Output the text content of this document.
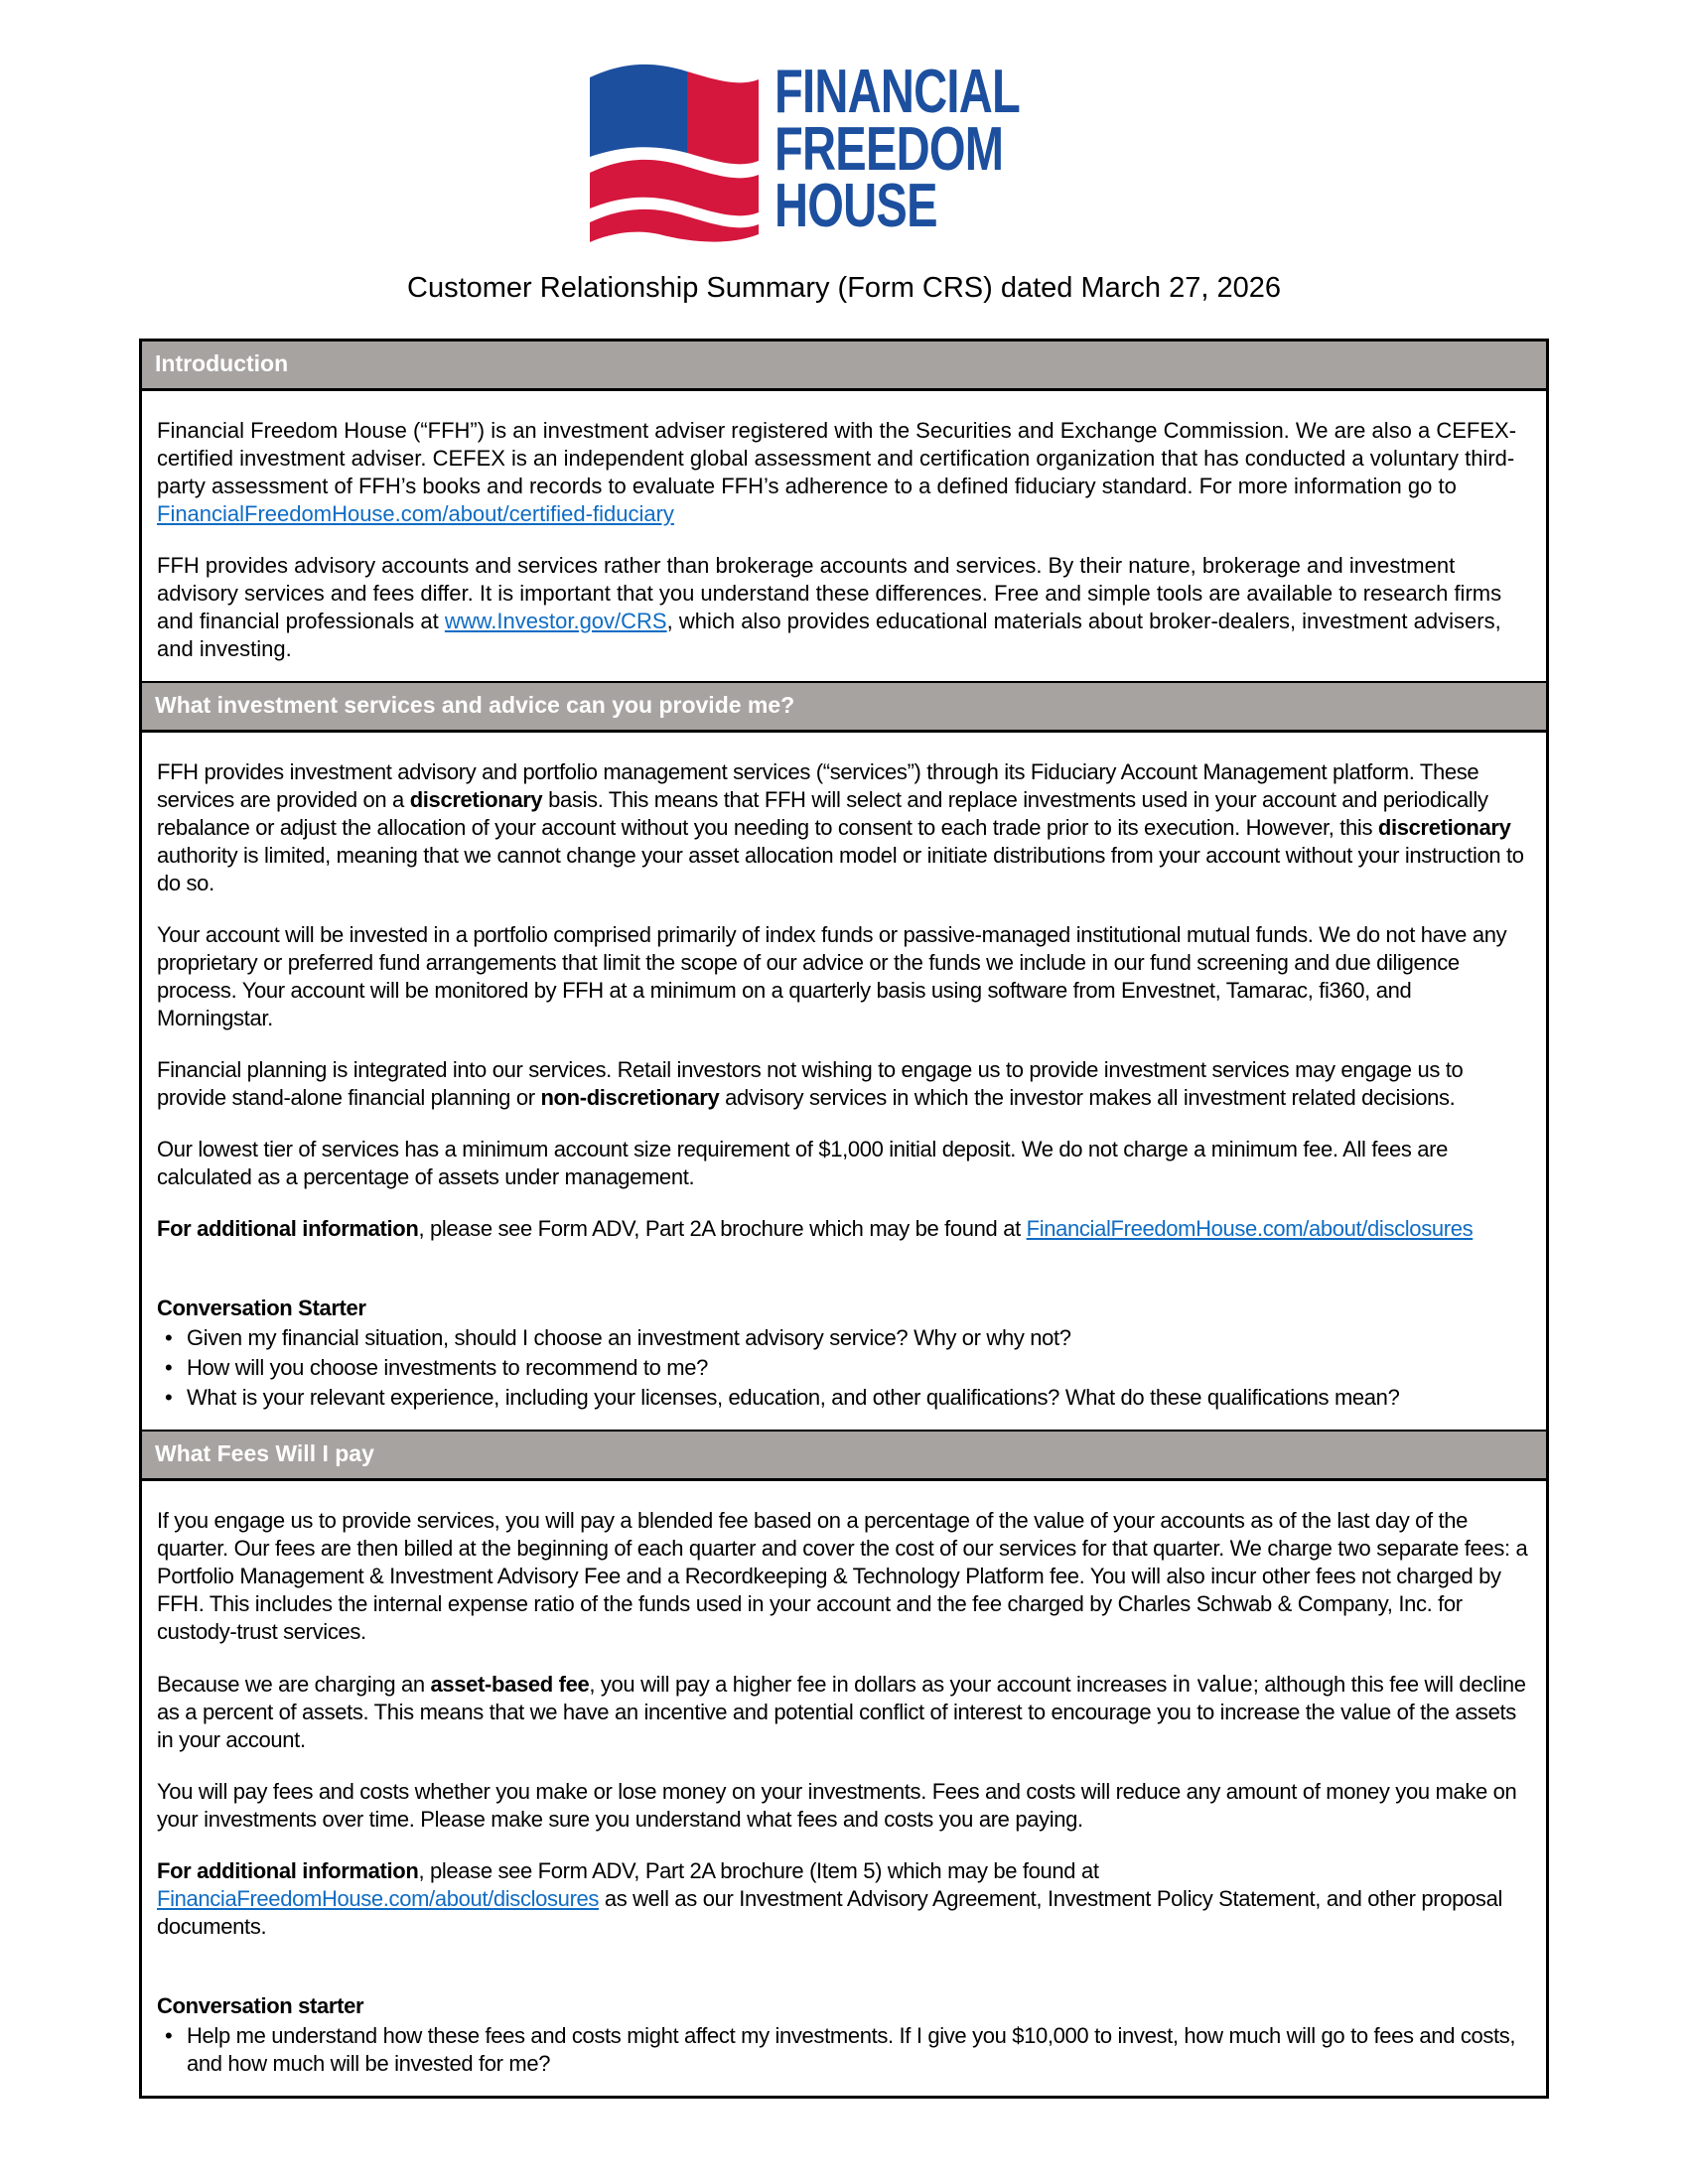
FINANCIAL
FREEDOM
HOUSE
Customer Relationship Summary (Form CRS) dated March 27, 2026
Introduction

Financial Freedom House (“FFH”) is an investment adviser registered with the Securities and Exchange Commission. We are also a CEFEX-certified investment adviser. CEFEX is an independent global assessment and certification organization that has conducted a voluntary third-party assessment of FFH’s books and records to evaluate FFH’s adherence to a defined fiduciary standard. For more information go to FinancialFreedomHouse.com/about/certified-fiduciary

FFH provides advisory accounts and services rather than brokerage accounts and services. By their nature, brokerage and investment advisory services and fees differ. It is important that you understand these differences. Free and simple tools are available to research firms and financial professionals at www.Investor.gov/CRS, which also provides educational materials about broker-dealers, investment advisers, and investing.

What investment services and advice can you provide me?

FFH provides investment advisory and portfolio management services (“services”) through its Fiduciary Account Management platform. These services are provided on a discretionary basis. This means that FFH will select and replace investments used in your account and periodically rebalance or adjust the allocation of your account without you needing to consent to each trade prior to its execution. However, this discretionary authority is limited, meaning that we cannot change your asset allocation model or initiate distributions from your account without your instruction to do so.

Your account will be invested in a portfolio comprised primarily of index funds or passive-managed institutional mutual funds. We do not have any proprietary or preferred fund arrangements that limit the scope of our advice or the funds we include in our fund screening and due diligence process. Your account will be monitored by FFH at a minimum on a quarterly basis using software from Envestnet, Tamarac, fi360, and Morningstar.

Financial planning is integrated into our services. Retail investors not wishing to engage us to provide investment services may engage us to provide stand-alone financial planning or non-discretionary advisory services in which the investor makes all investment related decisions.

Our lowest tier of services has a minimum account size requirement of $1,000 initial deposit. We do not charge a minimum fee. All fees are calculated as a percentage of assets under management.

For additional information, please see Form ADV, Part 2A brochure which may be found at FinancialFreedomHouse.com/about/disclosures

Conversation Starter

• Given my financial situation, should I choose an investment advisory service? Why or why not?
• How will you choose investments to recommend to me?
• What is your relevant experience, including your licenses, education, and other qualifications? What do these qualifications mean?
What Fees Will I pay

If you engage us to provide services, you will pay a blended fee based on a percentage of the value of your accounts as of the last day of the quarter. Our fees are then billed at the beginning of each quarter and cover the cost of our services for that quarter. We charge two separate fees: a Portfolio Management & Investment Advisory Fee and a Recordkeeping & Technology Platform fee. You will also incur other fees not charged by FFH. This includes the internal expense ratio of the funds used in your account and the fee charged by Charles Schwab & Company, Inc. for custody-trust services.

Because we are charging an asset-based fee, you will pay a higher fee in dollars as your account increases in value; although this fee will decline as a percent of assets. This means that we have an incentive and potential conflict of interest to encourage you to increase the value of the assets in your account.

You will pay fees and costs whether you make or lose money on your investments. Fees and costs will reduce any amount of money you make on your investments over time. Please make sure you understand what fees and costs you are paying.

For additional information, please see Form ADV, Part 2A brochure (Item 5) which may be found at FinanciaFreedomHouse.com/about/disclosures as well as our Investment Advisory Agreement, Investment Policy Statement, and other proposal documents.

Conversation starter

• Help me understand how these fees and costs might affect my investments. If I give you $10,000 to invest, how much will go to fees and costs, and how much will be invested for me?
